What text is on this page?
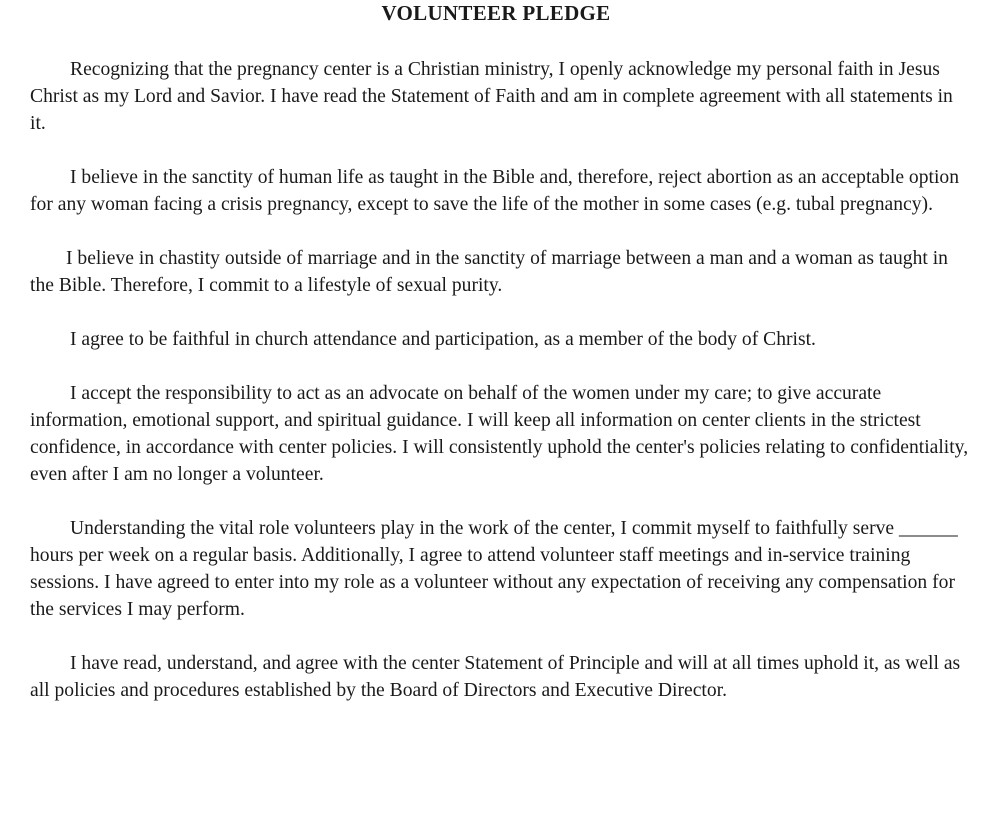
VOLUNTEER PLEDGE

Recognizing that the pregnancy center is a Christian ministry, I openly acknowledge my personal faith in Jesus Christ as my Lord and Savior. I have read the Statement of Faith and am in complete agreement with all statements in it.

I believe in the sanctity of human life as taught in the Bible and, therefore, reject abortion as an acceptable option for any woman facing a crisis pregnancy, except to save the life of the mother in some cases (e.g. tubal pregnancy).

I believe in chastity outside of marriage and in the sanctity of marriage between a man and a woman as taught in the Bible. Therefore, I commit to a lifestyle of sexual purity.

I agree to be faithful in church attendance and participation, as a member of the body of Christ.

I accept the responsibility to act as an advocate on behalf of the women under my care; to give accurate information, emotional support, and spiritual guidance. I will keep all information on center clients in the strictest confidence, in accordance with center policies. I will consistently uphold the center's policies relating to confidentiality, even after I am no longer a volunteer.

Understanding the vital role volunteers play in the work of the center, I commit myself to faithfully serve ______ hours per week on a regular basis. Additionally, I agree to attend volunteer staff meetings and in-service training sessions. I have agreed to enter into my role as a volunteer without any expectation of receiving any compensation for the services I may perform.

I have read, understand, and agree with the center Statement of Principle and will at all times uphold it, as well as all policies and procedures established by the Board of Directors and Executive Director.
